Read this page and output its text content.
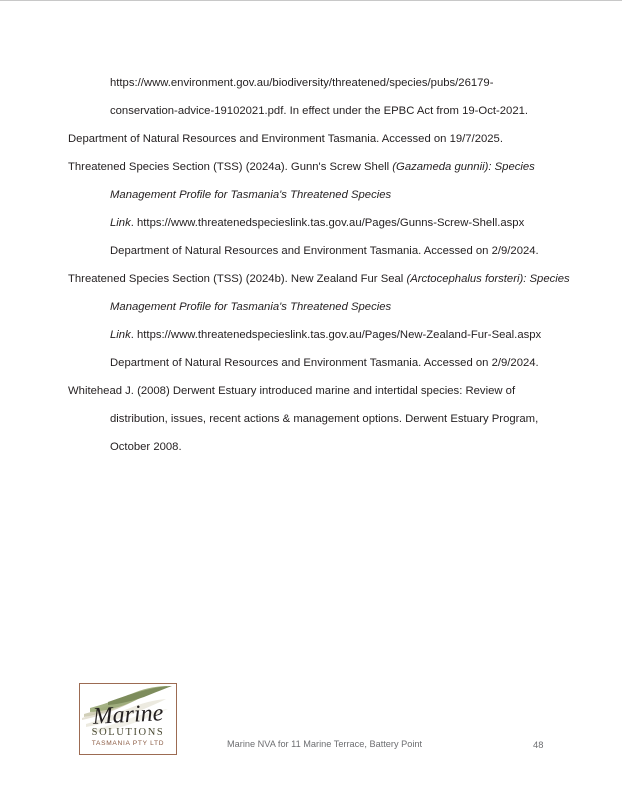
https://www.environment.gov.au/biodiversity/threatened/species/pubs/26179-
conservation-advice-19102021.pdf. In effect under the EPBC Act from 19-Oct-2021.
Department of Natural Resources and Environment Tasmania. Accessed on 19/7/2025.
Threatened Species Section (TSS) (2024a). Gunn's Screw Shell (Gazameda gunnii): Species
Management Profile for Tasmania's Threatened Species
Link. https://www.threatenedspecieslink.tas.gov.au/Pages/Gunns-Screw-Shell.aspx
Department of Natural Resources and Environment Tasmania. Accessed on 2/9/2024.
Threatened Species Section (TSS) (2024b). New Zealand Fur Seal (Arctocephalus forsteri): Species
Management Profile for Tasmania's Threatened Species
Link. https://www.threatenedspecieslink.tas.gov.au/Pages/New-Zealand-Fur-Seal.aspx
Department of Natural Resources and Environment Tasmania. Accessed on 2/9/2024.
Whitehead J. (2008) Derwent Estuary introduced marine and intertidal species: Review of
distribution, issues, recent actions & management options. Derwent Estuary Program,
October 2008.
Marine
SOLUTIONS
TASMANIA PTY LTD	Marine NVA for 11 Marine Terrace, Battery Point	48
